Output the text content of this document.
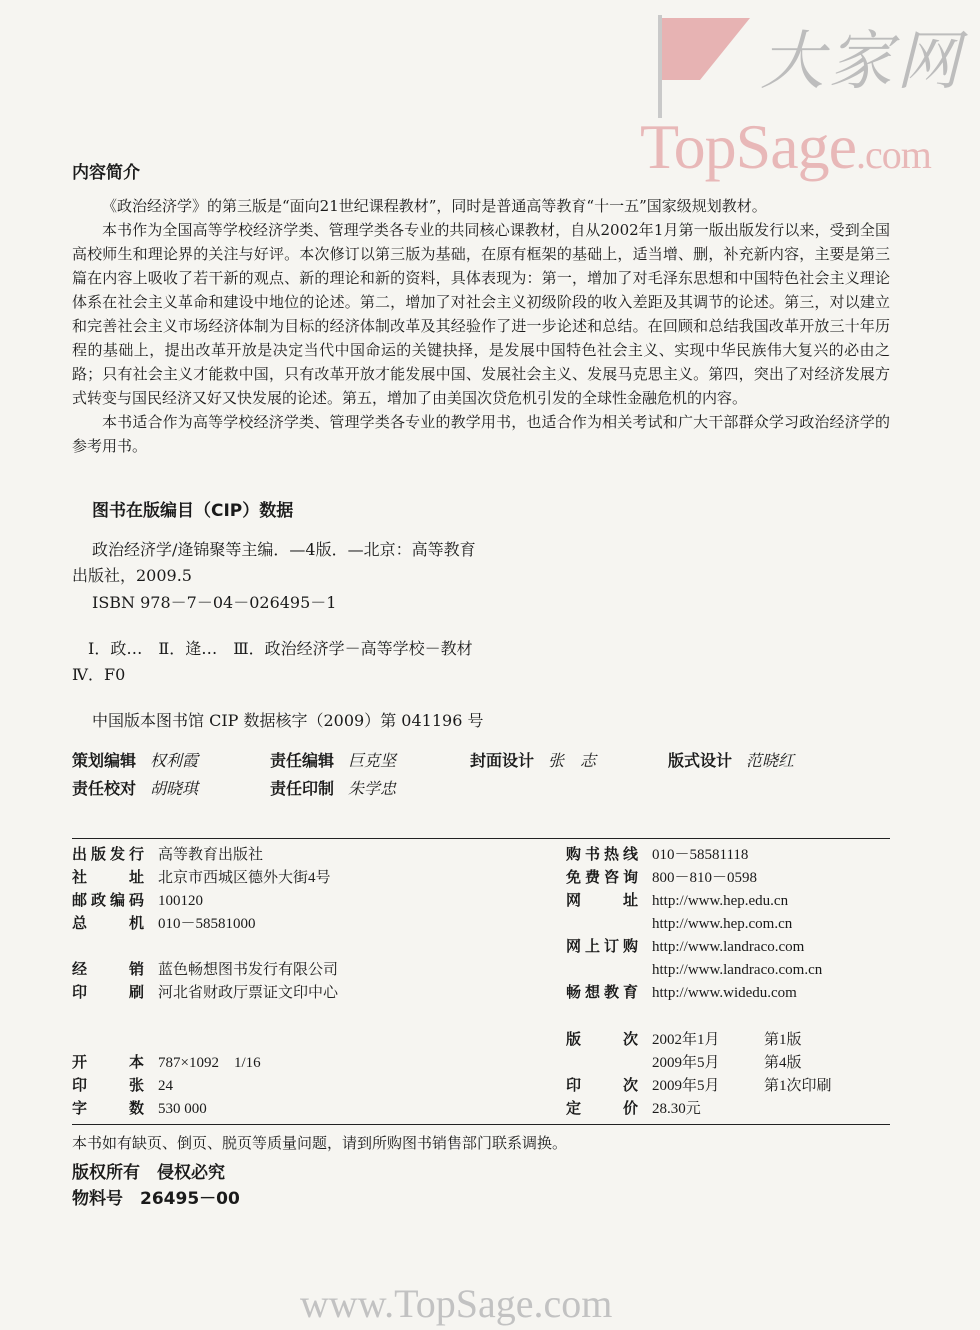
大家网
TopSage.com
内容简介

《政治经济学》的第三版是“面向21世纪课程教材”，同时是普通高等教育“十一五”国家级规划教材。

本书作为全国高等学校经济学类、管理学类各专业的共同核心课教材，自从2002年1月第一版出版发行以来，受到全国高校师生和理论界的关注与好评。本次修订以第三版为基础，在原有框架的基础上，适当增、删，补充新内容，主要是第三篇在内容上吸收了若干新的观点、新的理论和新的资料，具体表现为：第一，增加了对毛泽东思想和中国特色社会主义理论体系在社会主义革命和建设中地位的论述。第二，增加了对社会主义初级阶段的收入差距及其调节的论述。第三，对以建立和完善社会主义市场经济体制为目标的经济体制改革及其经验作了进一步论述和总结。在回顾和总结我国改革开放三十年历程的基础上，提出改革开放是决定当代中国命运的关键抉择，是发展中国特色社会主义、实现中华民族伟大复兴的必由之路；只有社会主义才能救中国，只有改革开放才能发展中国、发展社会主义、发展马克思主义。第四，突出了对经济发展方式转变与国民经济又好又快发展的论述。第五，增加了由美国次贷危机引发的全球性金融危机的内容。

本书适合作为高等学校经济学类、管理学类各专业的教学用书，也适合作为相关考试和广大干部群众学习政治经济学的参考用书。

图书在版编目（CIP）数据
政治经济学/逄锦聚等主编．—4版．—北京：高等教育
出版社，2009.5
ISBN 978－7－04－026495－1
Ⅰ．政…　Ⅱ．逄…　Ⅲ．政治经济学－高等学校－教材
Ⅳ．F0
中国版本图书馆 CIP 数据核字（2009）第 041196 号
策划编辑 权利霞	责任编辑 巨克坚	封面设计 张　志	版式设计 范晓红
责任校对 胡晓琪	责任印制 朱学忠
出版发行 高等教育出版社
社址 北京市西城区德外大街4号
邮政编码 100120
总机 010－58581000
经销 蓝色畅想图书发行有限公司
印刷 河北省财政厅票证文印中心
购书热线 010－58581118
免费咨询 800－810－0598
网址 http://www.hep.edu.cn
http://www.hep.com.cn
网上订购 http://www.landraco.com
http://www.landraco.com.cn
畅想教育 http://www.widedu.com
开本 787×1092　1/16
印张 24
字数 530 000
版次 2002年1月	第1版
2009年5月	第4版
印次 2009年5月	第1次印刷
定价 28.30元
本书如有缺页、倒页、脱页等质量问题，请到所购图书销售部门联系调换。
版权所有　侵权必究
物料号　 26495－00
www.TopSage.com
